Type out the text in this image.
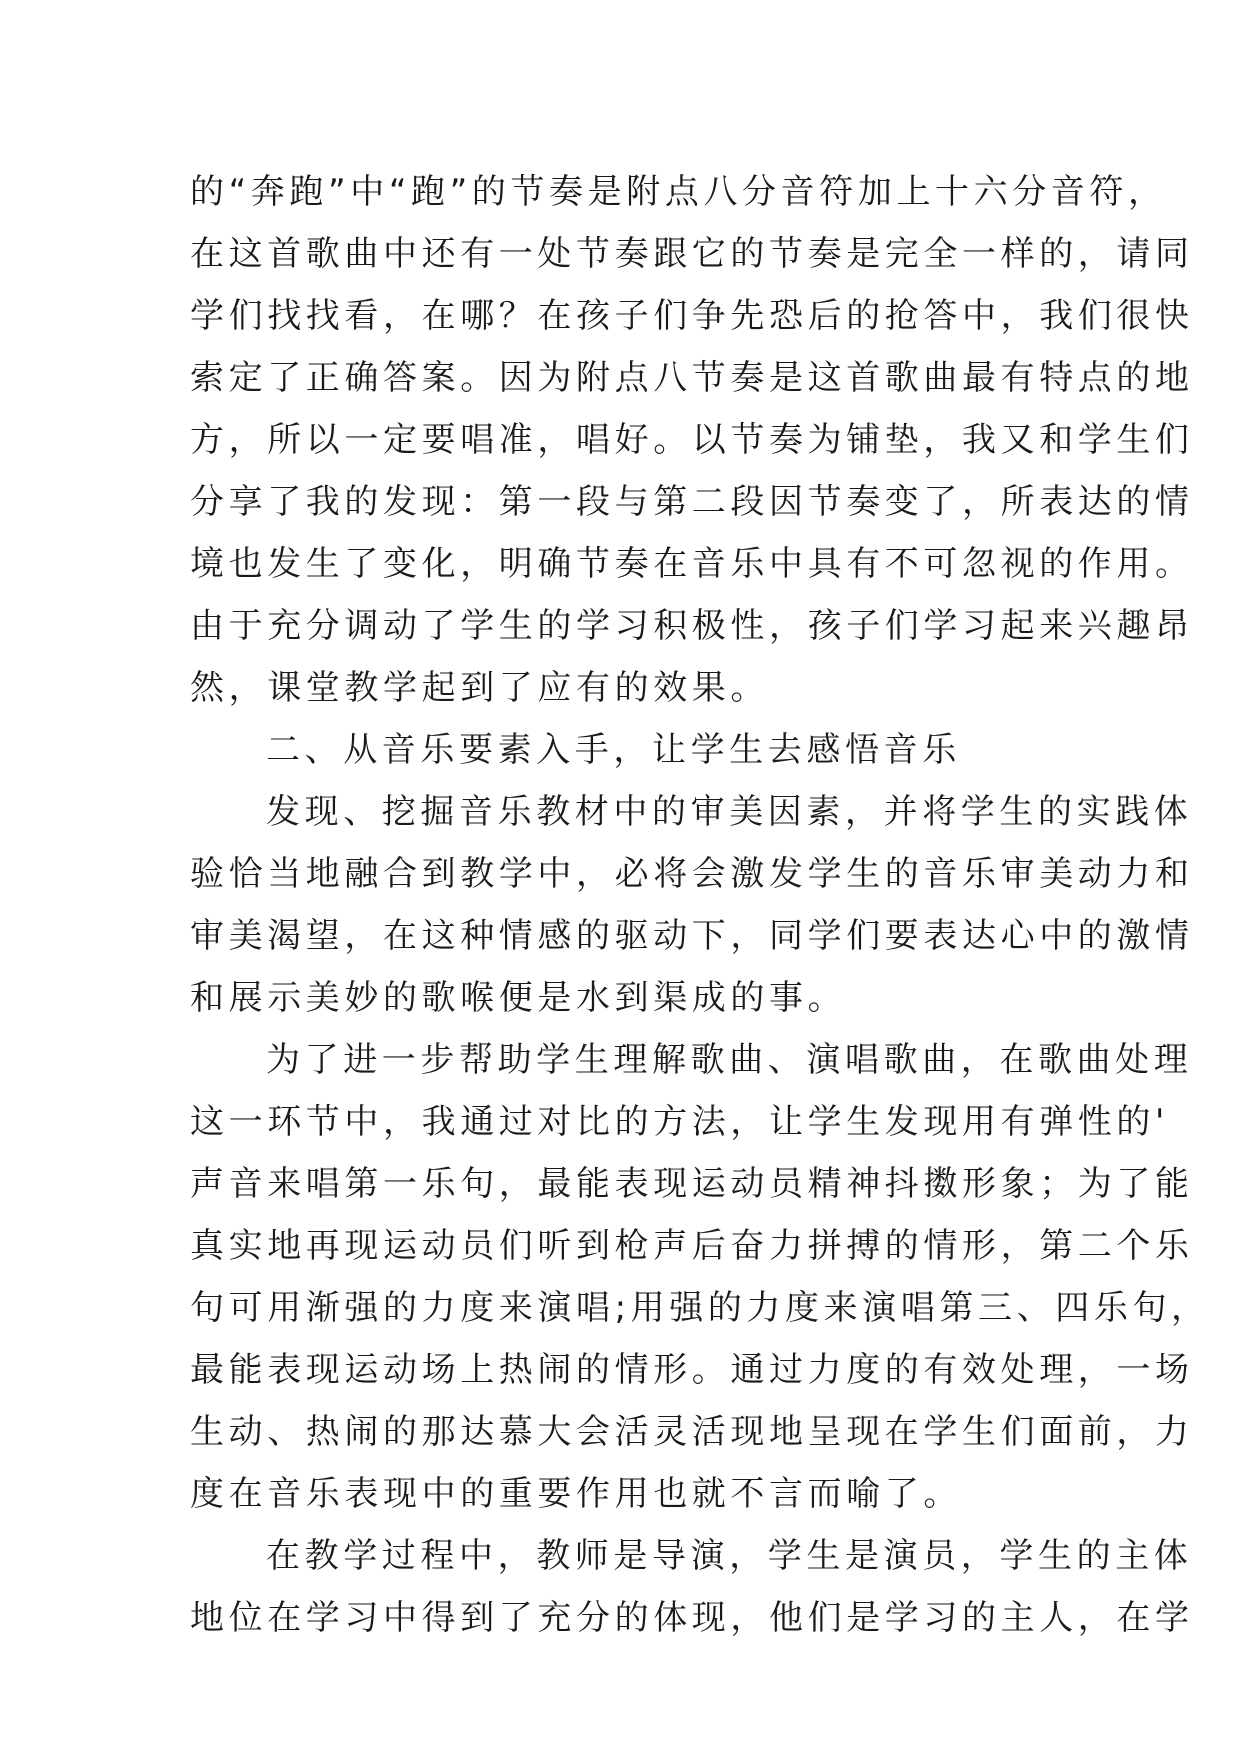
的“奔跑”中“跑”的节奏是附点八分音符加上十六分音符，
在这首歌曲中还有一处节奏跟它的节奏是完全一样的，请同
学们找找看，在哪？在孩子们争先恐后的抢答中，我们很快
索定了正确答案。因为附点八节奏是这首歌曲最有特点的地
方，所以一定要唱准，唱好。以节奏为铺垫，我又和学生们
分享了我的发现：第一段与第二段因节奏变了，所表达的情
境也发生了变化，明确节奏在音乐中具有不可忽视的作用。
由于充分调动了学生的学习积极性，孩子们学习起来兴趣昂
然，课堂教学起到了应有的效果。
二、从音乐要素入手，让学生去感悟音乐
发现、挖掘音乐教材中的审美因素，并将学生的实践体
验恰当地融合到教学中，必将会激发学生的音乐审美动力和
审美渴望，在这种情感的驱动下，同学们要表达心中的激情
和展示美妙的歌喉便是水到渠成的事。
为了进一步帮助学生理解歌曲、演唱歌曲，在歌曲处理
这一环节中，我通过对比的方法，让学生发现用有弹性的'
声音来唱第一乐句，最能表现运动员精神抖擞形象；为了能
真实地再现运动员们听到枪声后奋力拼搏的情形，第二个乐
句可用渐强的力度来演唱;用强的力度来演唱第三、四乐句，
最能表现运动场上热闹的情形。通过力度的有效处理，一场
生动、热闹的那达慕大会活灵活现地呈现在学生们面前，力
度在音乐表现中的重要作用也就不言而喻了。
在教学过程中，教师是导演，学生是演员，学生的主体
地位在学习中得到了充分的体现，他们是学习的主人，在学
